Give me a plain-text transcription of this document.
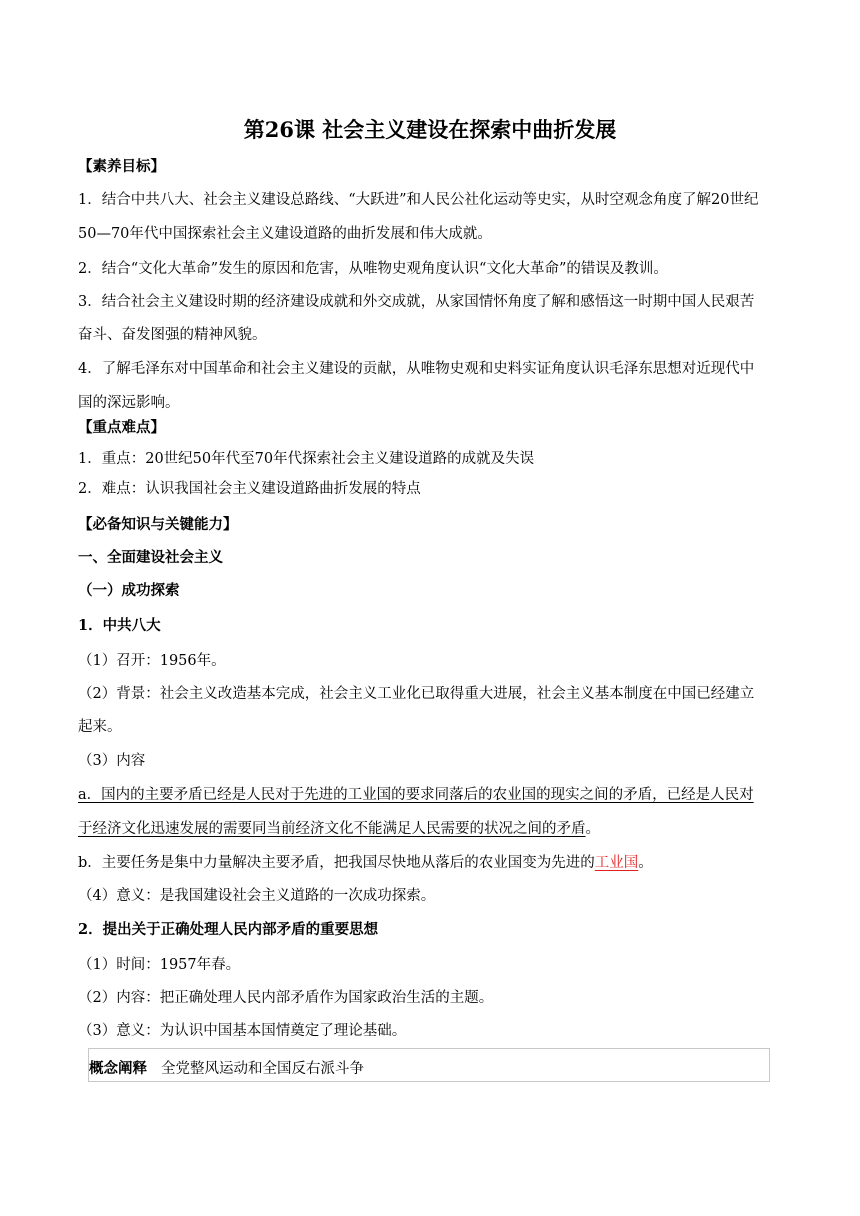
第26课 社会主义建设在探索中曲折发展
【素养目标】
1．结合中共八大、社会主义建设总路线、“大跃进”和人民公社化运动等史实，从时空观念角度了解20世纪
50—70年代中国探索社会主义建设道路的曲折发展和伟大成就。
2．结合“文化大革命”发生的原因和危害，从唯物史观角度认识“文化大革命”的错误及教训。
3．结合社会主义建设时期的经济建设成就和外交成就，从家国情怀角度了解和感悟这一时期中国人民艰苦
奋斗、奋发图强的精神风貌。
4．了解毛泽东对中国革命和社会主义建设的贡献，从唯物史观和史料实证角度认识毛泽东思想对近现代中
国的深远影响。
【重点难点】
1．重点：20世纪50年代至70年代探索社会主义建设道路的成就及失误
2．难点：认识我国社会主义建设道路曲折发展的特点
【必备知识与关键能力】
一、全面建设社会主义
（一）成功探索
1．中共八大
（1）召开：1956年。
（2）背景：社会主义改造基本完成，社会主义工业化已取得重大进展，社会主义基本制度在中国已经建立
起来。
（3）内容
a．国内的主要矛盾已经是人民对于先进的工业国的要求同落后的农业国的现实之间的矛盾，已经是人民对
于经济文化迅速发展的需要同当前经济文化不能满足人民需要的状况之间的矛盾。
b．主要任务是集中力量解决主要矛盾，把我国尽快地从落后的农业国变为先进的工业国。
（4）意义：是我国建设社会主义道路的一次成功探索。
2．提出关于正确处理人民内部矛盾的重要思想
（1）时间：1957年春。
（2）内容：把正确处理人民内部矛盾作为国家政治生活的主题。
（3）意义：为认识中国基本国情奠定了理论基础。
概念阐释 全党整风运动和全国反右派斗争
